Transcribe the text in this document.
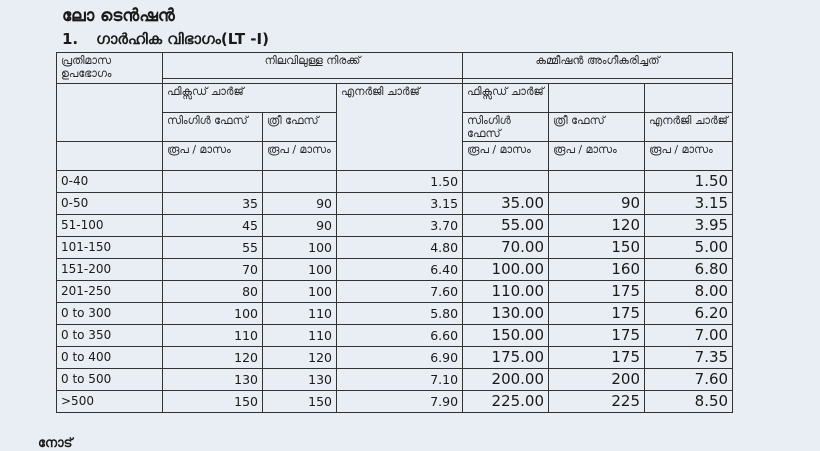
ലോ ടെൻഷൻ
1. ഗാർഹിക വിഭാഗം(LT -I)
പ്രതിമാസ ഉപഭോഗം	നിലവിലുള്ള നിരക്ക്			കമ്മീഷൻ അംഗീകരിച്ചത്		

	ഫിക്സഡ് ചാർജ്		എനർജി ചാർജ്	ഫിക്സഡ് ചാർജ്		
	സിംഗിൾ ഫേസ്	ത്രീ ഫേസ്		സിംഗിൾ ഫേസ്	ത്രീ ഫേസ്	എനർജി ചാർജ്
	രൂപ / മാസം	രൂപ / മാസം		രൂപ / മാസം	രൂപ / മാസം	രൂപ / മാസം
0-40			1.50			1.50
0-50	35	90	3.15	35.00	90	3.15
51-100	45	90	3.70	55.00	120	3.95
101-150	55	100	4.80	70.00	150	5.00
151-200	70	100	6.40	100.00	160	6.80
201-250	80	100	7.60	110.00	175	8.00
0 to 300	100	110	5.80	130.00	175	6.20
0 to 350	110	110	6.60	150.00	175	7.00
0 to 400	120	120	6.90	175.00	175	7.35
0 to 500	130	130	7.10	200.00	200	7.60
>500	150	150	7.90	225.00	225	8.50
നോട്
